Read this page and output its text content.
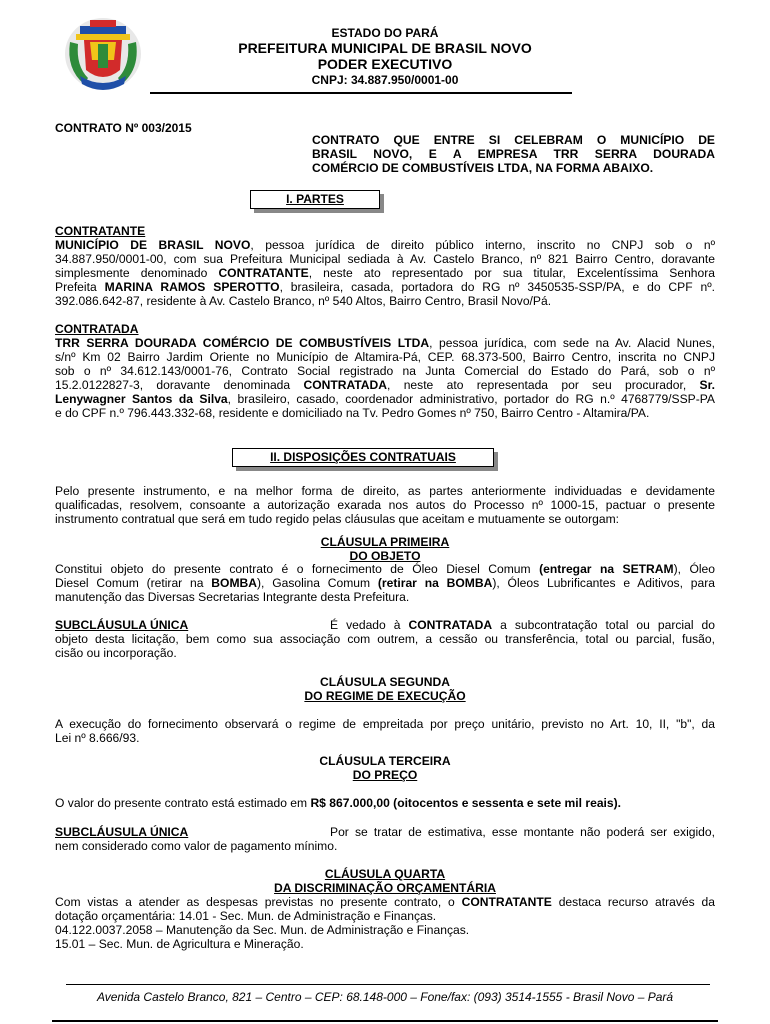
ESTADO DO PARÁ
PREFEITURA MUNICIPAL DE BRASIL NOVO
PODER EXECUTIVO
CNPJ: 34.887.950/0001-00
CONTRATO Nº 003/2015
CONTRATO QUE ENTRE SI CELEBRAM O MUNICÍPIO DE
BRASIL NOVO, E A EMPRESA TRR SERRA DOURADA
COMÉRCIO DE COMBUSTÍVEIS LTDA, NA FORMA ABAIXO.
I. PARTES
CONTRATANTE
MUNICÍPIO DE BRASIL NOVO, pessoa jurídica de direito público interno, inscrito no CNPJ sob o nº
34.887.950/0001-00, com sua Prefeitura Municipal sediada à Av. Castelo Branco, nº 821 Bairro Centro, doravante
simplesmente denominado CONTRATANTE, neste ato representado por sua titular, Excelentíssima Senhora
Prefeita MARINA RAMOS SPEROTTO, brasileira, casada, portadora do RG nº 3450535-SSP/PA, e do CPF nº.
392.086.642-87, residente à Av. Castelo Branco, nº 540 Altos, Bairro Centro, Brasil Novo/Pá.
CONTRATADA
TRR SERRA DOURADA COMÉRCIO DE COMBUSTÍVEIS LTDA, pessoa jurídica, com sede na Av. Alacid Nunes,
s/nº Km 02 Bairro Jardim Oriente no Município de Altamira-Pá, CEP. 68.373-500, Bairro Centro, inscrita no CNPJ
sob o nº 34.612.143/0001-76, Contrato Social registrado na Junta Comercial do Estado do Pará, sob o nº
15.2.0122827-3, doravante denominada CONTRATADA, neste ato representada por seu procurador, Sr.
Lenywagner Santos da Silva, brasileiro, casado, coordenador administrativo, portador do RG n.º 4768779/SSP-PA
e do CPF n.º 796.443.332-68, residente e domiciliado na Tv. Pedro Gomes nº 750, Bairro Centro - Altamira/PA.
II. DISPOSIÇÕES CONTRATUAIS
Pelo presente instrumento, e na melhor forma de direito, as partes anteriormente individuadas e devidamente
qualificadas, resolvem, consoante a autorização exarada nos autos do Processo nº 1000-15, pactuar o presente
instrumento contratual que será em tudo regido pelas cláusulas que aceitam e mutuamente se outorgam:
CLÁUSULA PRIMEIRA
DO OBJETO
Constitui objeto do presente contrato é o fornecimento de Óleo Diesel Comum (entregar na SETRAM), Óleo
Diesel Comum (retirar na BOMBA), Gasolina Comum (retirar na BOMBA), Óleos Lubrificantes e Aditivos, para
manutenção das Diversas Secretarias Integrante desta Prefeitura.
SUBCLÁUSULA ÚNICA	É vedado à CONTRATADA a subcontratação total ou parcial do
objeto desta licitação, bem como sua associação com outrem, a cessão ou transferência, total ou parcial, fusão,
cisão ou incorporação.
CLÁUSULA SEGUNDA
DO REGIME DE EXECUÇÃO
A execução do fornecimento observará o regime de empreitada por preço unitário, previsto no Art. 10, II, "b", da
Lei nº 8.666/93.
CLÁUSULA TERCEIRA
DO PREÇO
O valor do presente contrato está estimado em R$ 867.000,00 (oitocentos e sessenta e sete mil reais).
SUBCLÁUSULA ÚNICA	Por se tratar de estimativa, esse montante não poderá ser exigido,
nem considerado como valor de pagamento mínimo.
CLÁUSULA QUARTA
DA DISCRIMINAÇÃO ORÇAMENTÁRIA
Com vistas a atender as despesas previstas no presente contrato, o CONTRATANTE destaca recurso através da
dotação orçamentária: 14.01 - Sec. Mun. de Administração e Finanças.
04.122.0037.2058 – Manutenção da Sec. Mun. de Administração e Finanças.
15.01 – Sec. Mun. de Agricultura e Mineração.
Avenida Castelo Branco, 821 – Centro – CEP: 68.148-000 – Fone/fax: (093) 3514-1555 - Brasil Novo – Pará
